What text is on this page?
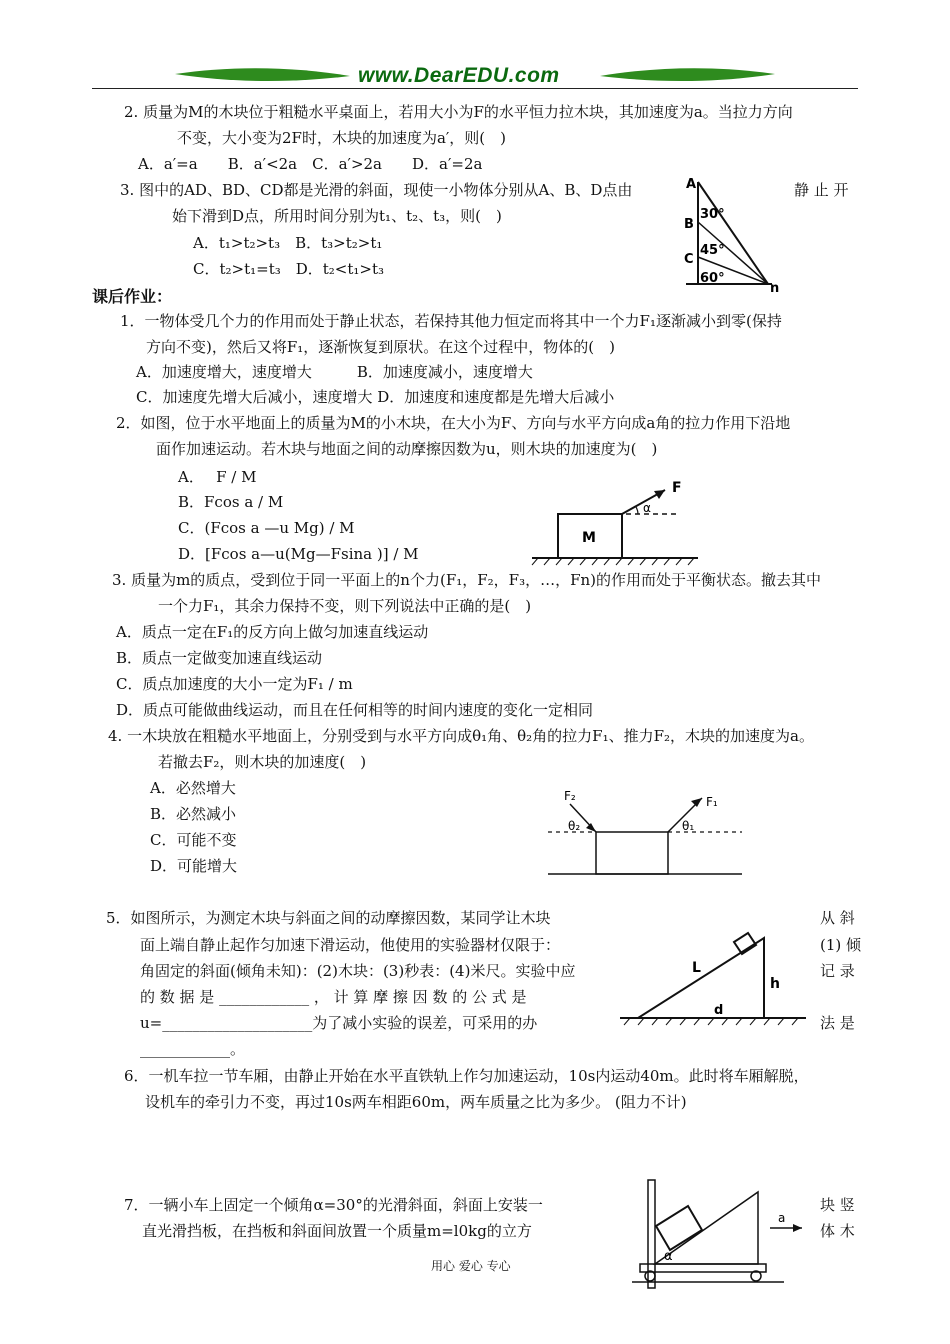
www.DearEDU.com
2. 质量为M的木块位于粗糙水平桌面上，若用大小为F的水平恒力拉木块，其加速度为a。当拉力方向
不变，大小变为2F时，木块的加速度为a′，则(　)
A．a′=a　　B．a′<2a　C．a′>2a　　D．a′=2a
3. 图中的AD、BD、CD都是光滑的斜面，现使一小物体分别从A、B、D点由	静 止 开
始下滑到D点，所用时间分别为t₁、t₂、t₃，则(　)
A．t₁>t₂>t₃　B．t₃>t₂>t₁
C．t₂>t₁=t₃　D．t₂<t₁>t₃
A
B
C
n
30°
45°
60°
课后作业：
1．一物体受几个力的作用而处于静止状态，若保持其他力恒定而将其中一个力F₁逐渐减小到零(保持
方向不变)，然后又将F₁，逐渐恢复到原状。在这个过程中，物体的(　)
A．加速度增大，速度增大　　　B．加速度减小，速度增大
C．加速度先增大后减小，速度增大 D．加速度和速度都是先增大后减小
2．如图，位于水平地面上的质量为M的小木块，在大小为F、方向与水平方向成a角的拉力作用下沿地
面作加速运动。若木块与地面之间的动摩擦因数为u，则木块的加速度为(　)
A．　 F / M
B．Fcos a / M
C．(Fcos a —u Mg) / M
D．[Fcos a—u(Mg—Fsina )] / M
F
M
α
3. 质量为m的质点，受到位于同一平面上的n个力(F₁，F₂，F₃，…，Fn)的作用而处于平衡状态。撤去其中
一个力F₁，其余力保持不变，则下列说法中正确的是(　)
A．质点一定在F₁的反方向上做匀加速直线运动
B．质点一定做变加速直线运动
C．质点加速度的大小一定为F₁ / m
D．质点可能做曲线运动，而且在任何相等的时间内速度的变化一定相同
4. 一木块放在粗糙水平地面上，分别受到与水平方向成θ₁角、θ₂角的拉力F₁、推力F₂，木块的加速度为a。
若撤去F₂，则木块的加速度(　)
A．必然增大
B．必然减小
C．可能不变
D．可能增大
F₂	F₁
θ₂	θ₁
5．如图所示，为测定木块与斜面之间的动摩擦因数，某同学让木块	从 斜
面上端自静止起作匀加速下滑运动，他使用的实验器材仅限于：	(1) 倾
角固定的斜面(倾角未知)：(2)木块：(3)秒表：(4)米尺。实验中应	记 录
的 数 据 是 ____________ ， 计 算 摩 擦 因 数 的 公 式 是
u=____________________为了减小实验的误差，可采用的办	法 是
____________。
L
h
d
6．一机车拉一节车厢，由静止开始在水平直铁轨上作匀加速运动，10s内运动40m。此时将车厢解脱，
设机车的牵引力不变，再过10s两车相距60m，两车质量之比为多少。 (阻力不计)
7．一辆小车上固定一个倾角α=30°的光滑斜面，斜面上安装一	块 竖
直光滑挡板，在挡板和斜面间放置一个质量m=l0kg的立方	体 木
a
α
用心 爱心 专心
